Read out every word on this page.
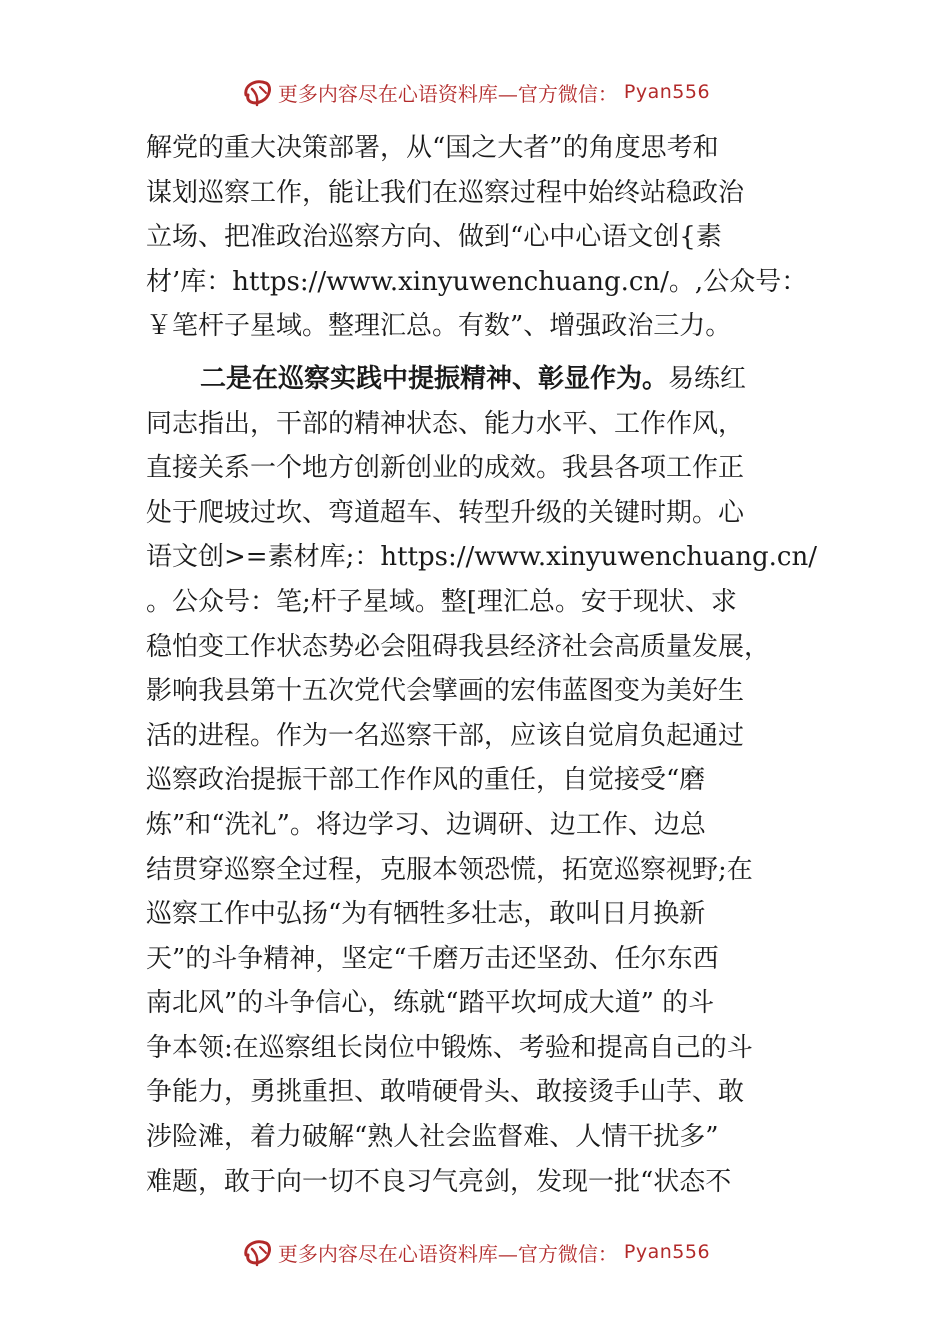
更多内容尽在心语资料库—官方微信： Pyan556
解党的重大决策部署，从“国之大者”的角度思考和
谋划巡察工作，能让我们在巡察过程中始终站稳政治
立场、把准政治巡察方向、做到“心中心语文创{素
材’库：https://www.xinyuwenchuang.cn/。,公众号：
￥笔杆子星域。整理汇总。有数”、增强政治三力。
二是在巡察实践中提振精神、彰显作为。易练红
同志指出，干部的精神状态、能力水平、工作作风，
直接关系一个地方创新创业的成效。我县各项工作正
处于爬坡过坎、弯道超车、转型升级的关键时期。心
语文创>=素材库;：https://www.xinyuwenchuang.cn/
。公众号：笔;杆子星域。整[理汇总。安于现状、求
稳怕变工作状态势必会阻碍我县经济社会高质量发展，
影响我县第十五次党代会擘画的宏伟蓝图变为美好生
活的进程。作为一名巡察干部，应该自觉肩负起通过
巡察政治提振干部工作作风的重任，自觉接受“磨
炼”和“洗礼”。将边学习、边调研、边工作、边总
结贯穿巡察全过程，克服本领恐慌，拓宽巡察视野;在
巡察工作中弘扬“为有牺牲多壮志，敢叫日月换新
天”的斗争精神，坚定“千磨万击还坚劲、任尔东西
南北风”的斗争信心，练就“踏平坎坷成大道” 的斗
争本领:在巡察组长岗位中锻炼、考验和提高自己的斗
争能力，勇挑重担、敢啃硬骨头、敢接烫手山芋、敢
涉险滩，着力破解“熟人社会监督难、人情干扰多”
难题，敢于向一切不良习气亮剑，发现一批“状态不
更多内容尽在心语资料库—官方微信： Pyan556
